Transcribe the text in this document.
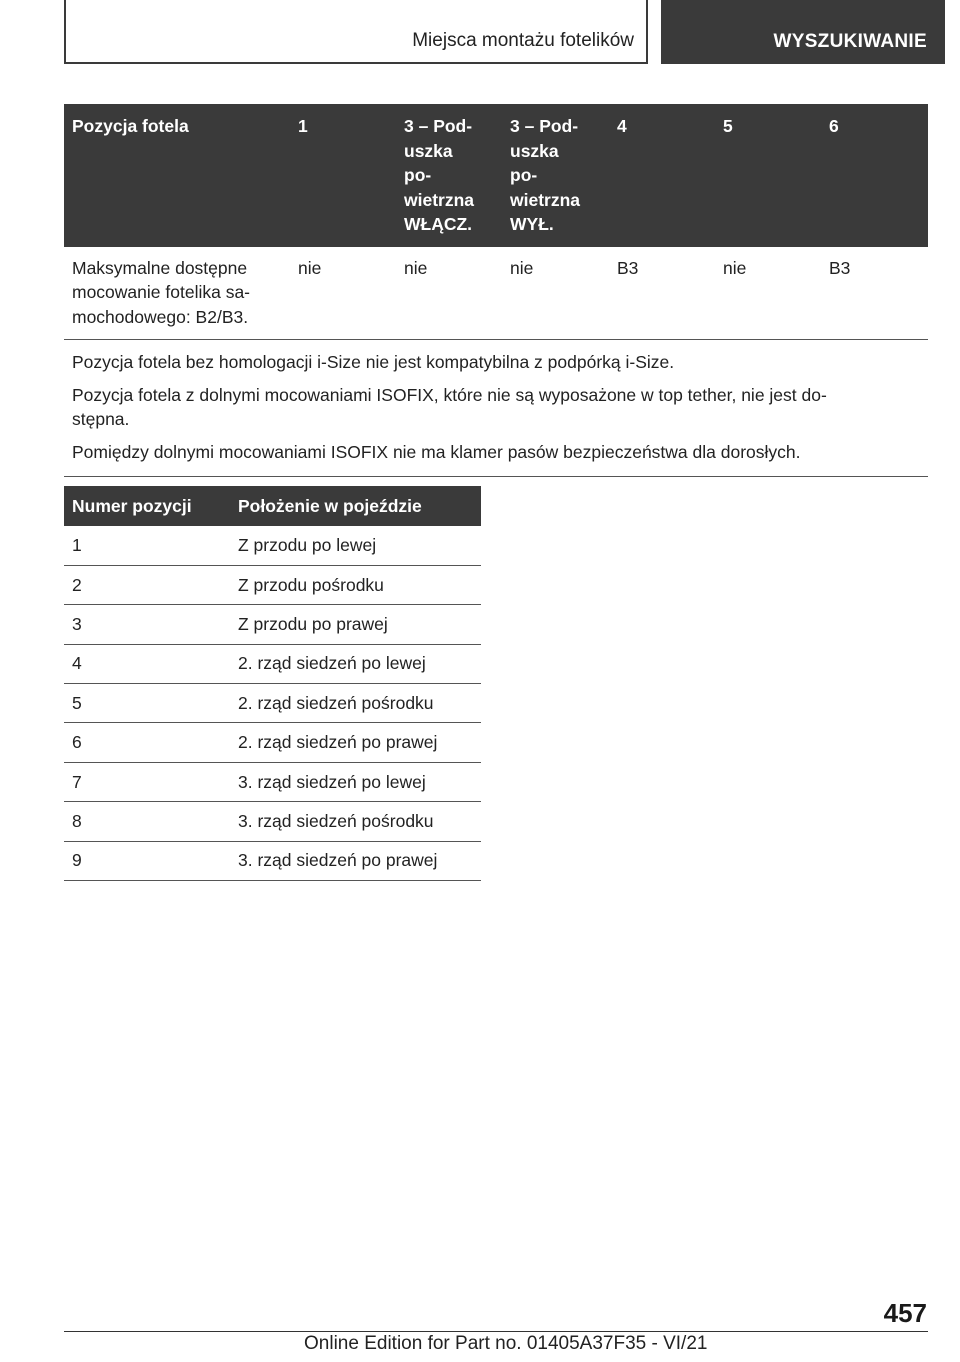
Miejsca montażu fotelików	WYSZUKIWANIE
Pozycja fotela	1	3 – Pod-
uszka
po-
wietrzna
WŁĄCZ.	3 – Pod-
uszka
po-
wietrzna
WYŁ.	4	5	6
Maksymalne dostępne
mocowanie fotelika sa-
mochodowego: B2/B3.	nie	nie	nie	B3	nie	B3

Pozycja fotela bez homologacji i-Size nie jest kompatybilna z podpórką i-Size.

Pozycja fotela z dolnymi mocowaniami ISOFIX, które nie są wyposażone w top tether, nie jest do-
stępna.

Pomiędzy dolnymi mocowaniami ISOFIX nie ma klamer pasów bezpieczeństwa dla dorosłych.						

Numer pozycji	Położenie w pojeździe
1	Z przodu po lewej
2	Z przodu pośrodku
3	Z przodu po prawej
4	2. rząd siedzeń po lewej
5	2. rząd siedzeń pośrodku
6	2. rząd siedzeń po prawej
7	3. rząd siedzeń po lewej
8	3. rząd siedzeń pośrodku
9	3. rząd siedzeń po prawej
457
Online Edition for Part no. 01405A37F35 - VI/21
